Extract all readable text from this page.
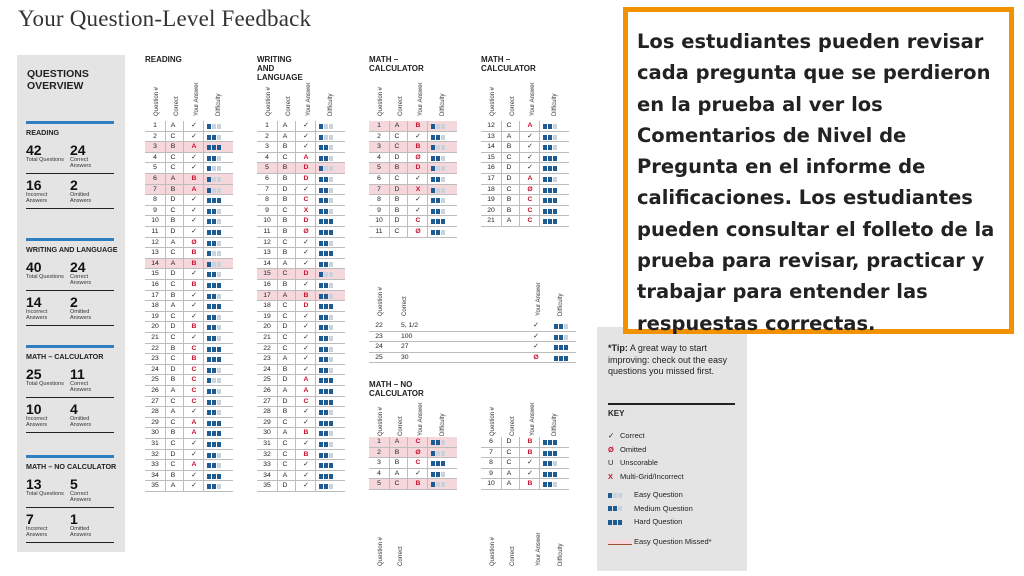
Your Question-Level Feedback
QUESTIONS OVERVIEW
READING
42
Total Questions
24
Correct Answers
16
Incorrect Answers
2
Omitted Answers
WRITING AND LANGUAGE
40
Total Questions
24
Correct Answers
14
Incorrect Answers
2
Omitted Answers
MATH – CALCULATOR
25
Total Questions
11
Correct Answers
10
Incorrect Answers
4
Omitted Answers
MATH – NO CALCULATOR
13
Total Questions
5
Correct Answers
7
Incorrect Answers
1
Omitted Answers
READING
Question # Correct Your Answer	Difficulty
1	A	✓
2	C	✓
3	B	A
4	C	✓
5	C	✓
6	A	B
7	B	A
8	D	✓
9	C	✓
10	B	✓
11	D	✓
12	A	Ø
13	C	B
14	A	B
15	D	✓
16	C	B
17	B	✓
18	A	✓
19	C	✓
20	D	B
21	C	✓
22	B	C
23	C	B
24	D	C
25	B	C
26	A	C
27	C	C
28	A	✓
29	C	A
30	B	A
31	C	✓
32	D	✓
33	C	A
34	B	✓
35	A	✓
WRITING AND LANGUAGE
Question # Correct Your Answer	Difficulty
1	A	✓
2	A	✓
3	B	✓
4	C	A
5	B	D
6	B	D
7	D	✓
8	B	C
9	C	X
10	B	D
11	B	Ø
12	C	✓
13	B	✓
14	A	✓
15	C	D
16	B	✓
17	A	B
18	C	D
19	C	✓
20	D	✓
21	C	✓
22	C	✓
23	A	✓
24	B	✓
25	D	A
26	A	A
27	D	C
28	B	✓
29	C	✓
30	A	B
31	C	✓
32	C	B
33	C	✓
34	A	✓
35	D	✓
MATH – CALCULATOR
Question # Correct Your Answer	Difficulty
1	A	B
2	C	✓
3	C	B
4	D	Ø
5	B	D
6	C	✓
7	D	X
8	B	✓
9	B	✓
10	D	C
11	C	Ø
MATH – CALCULATOR
Question # Correct Your Answer	Difficulty
12	C	A
13	A	✓
14	B	✓
15	C	✓
16	D	✓
17	D	A
18	C	Ø
19	B	C
20	B	C
21	A	C
MATH – NO CALCULATOR
Question # Correct Your Answer	Difficulty
1	A	C
2	B	Ø
3	B	C
4	A	✓
5	C	B
Question # Correct Your Answer	Difficulty
6	D	B
7	C	B
8	C	✓
9	A	✓
10	A	B
Question #	Correct	Your Answer	Difficulty
22	5, 1/2	✓
23	100	✓
24	27	✓
25	30	Ø
Question # Correct	Question # Correct	Your Answer	Difficulty
*Tip: A great way to start improving: check out the easy questions you missed first.
KEY
✓ Correct
Ø Omitted
U Unscorable
X Multi-Grid/Incorrect
Easy Question
Medium Question
Hard Question
Easy Question Missed*
Los estudiantes pueden revisar cada pregunta que se perdieron en la prueba al ver los Comentarios de Nivel de Pregunta en el informe de calificaciones. Los estudiantes pueden consultar el folleto de la prueba para revisar, practicar y trabajar para entender las respuestas correctas.
